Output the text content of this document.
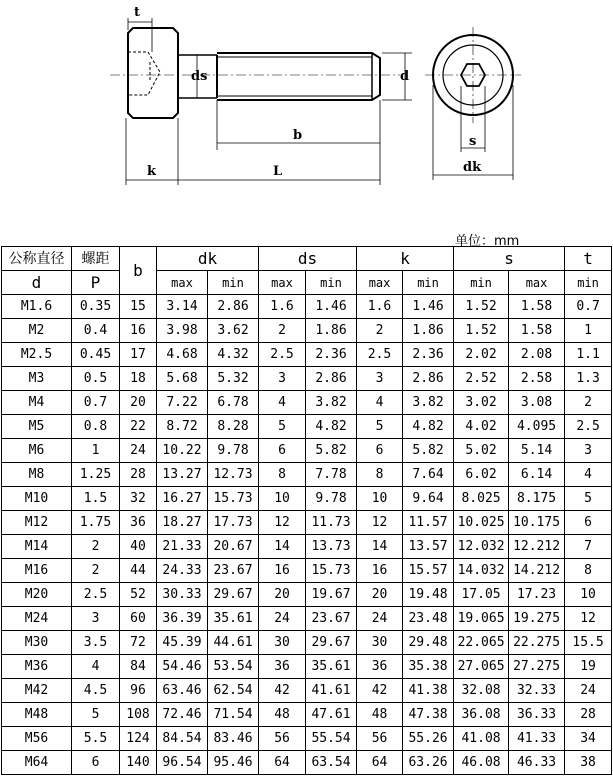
t
ds	d
b
k	L
s
dk
单位：mm
公称直径	螺距	b	dk		ds		k		s		t
d	P		max	min	max	min	max	min	min	max	min
M1.6	0.35	15	3.14	2.86	1.6	1.46	1.6	1.46	1.52	1.58	0.7
M2	0.4	16	3.98	3.62	2	1.86	2	1.86	1.52	1.58	1
M2.5	0.45	17	4.68	4.32	2.5	2.36	2.5	2.36	2.02	2.08	1.1
M3	0.5	18	5.68	5.32	3	2.86	3	2.86	2.52	2.58	1.3
M4	0.7	20	7.22	6.78	4	3.82	4	3.82	3.02	3.08	2
M5	0.8	22	8.72	8.28	5	4.82	5	4.82	4.02	4.095	2.5
M6	1	24	10.22	9.78	6	5.82	6	5.82	5.02	5.14	3
M8	1.25	28	13.27	12.73	8	7.78	8	7.64	6.02	6.14	4
M10	1.5	32	16.27	15.73	10	9.78	10	9.64	8.025	8.175	5
M12	1.75	36	18.27	17.73	12	11.73	12	11.57	10.025	10.175	6
M14	2	40	21.33	20.67	14	13.73	14	13.57	12.032	12.212	7
M16	2	44	24.33	23.67	16	15.73	16	15.57	14.032	14.212	8
M20	2.5	52	30.33	29.67	20	19.67	20	19.48	17.05	17.23	10
M24	3	60	36.39	35.61	24	23.67	24	23.48	19.065	19.275	12
M30	3.5	72	45.39	44.61	30	29.67	30	29.48	22.065	22.275	15.5
M36	4	84	54.46	53.54	36	35.61	36	35.38	27.065	27.275	19
M42	4.5	96	63.46	62.54	42	41.61	42	41.38	32.08	32.33	24
M48	5	108	72.46	71.54	48	47.61	48	47.38	36.08	36.33	28
M56	5.5	124	84.54	83.46	56	55.54	56	55.26	41.08	41.33	34
M64	6	140	96.54	95.46	64	63.54	64	63.26	46.08	46.33	38
